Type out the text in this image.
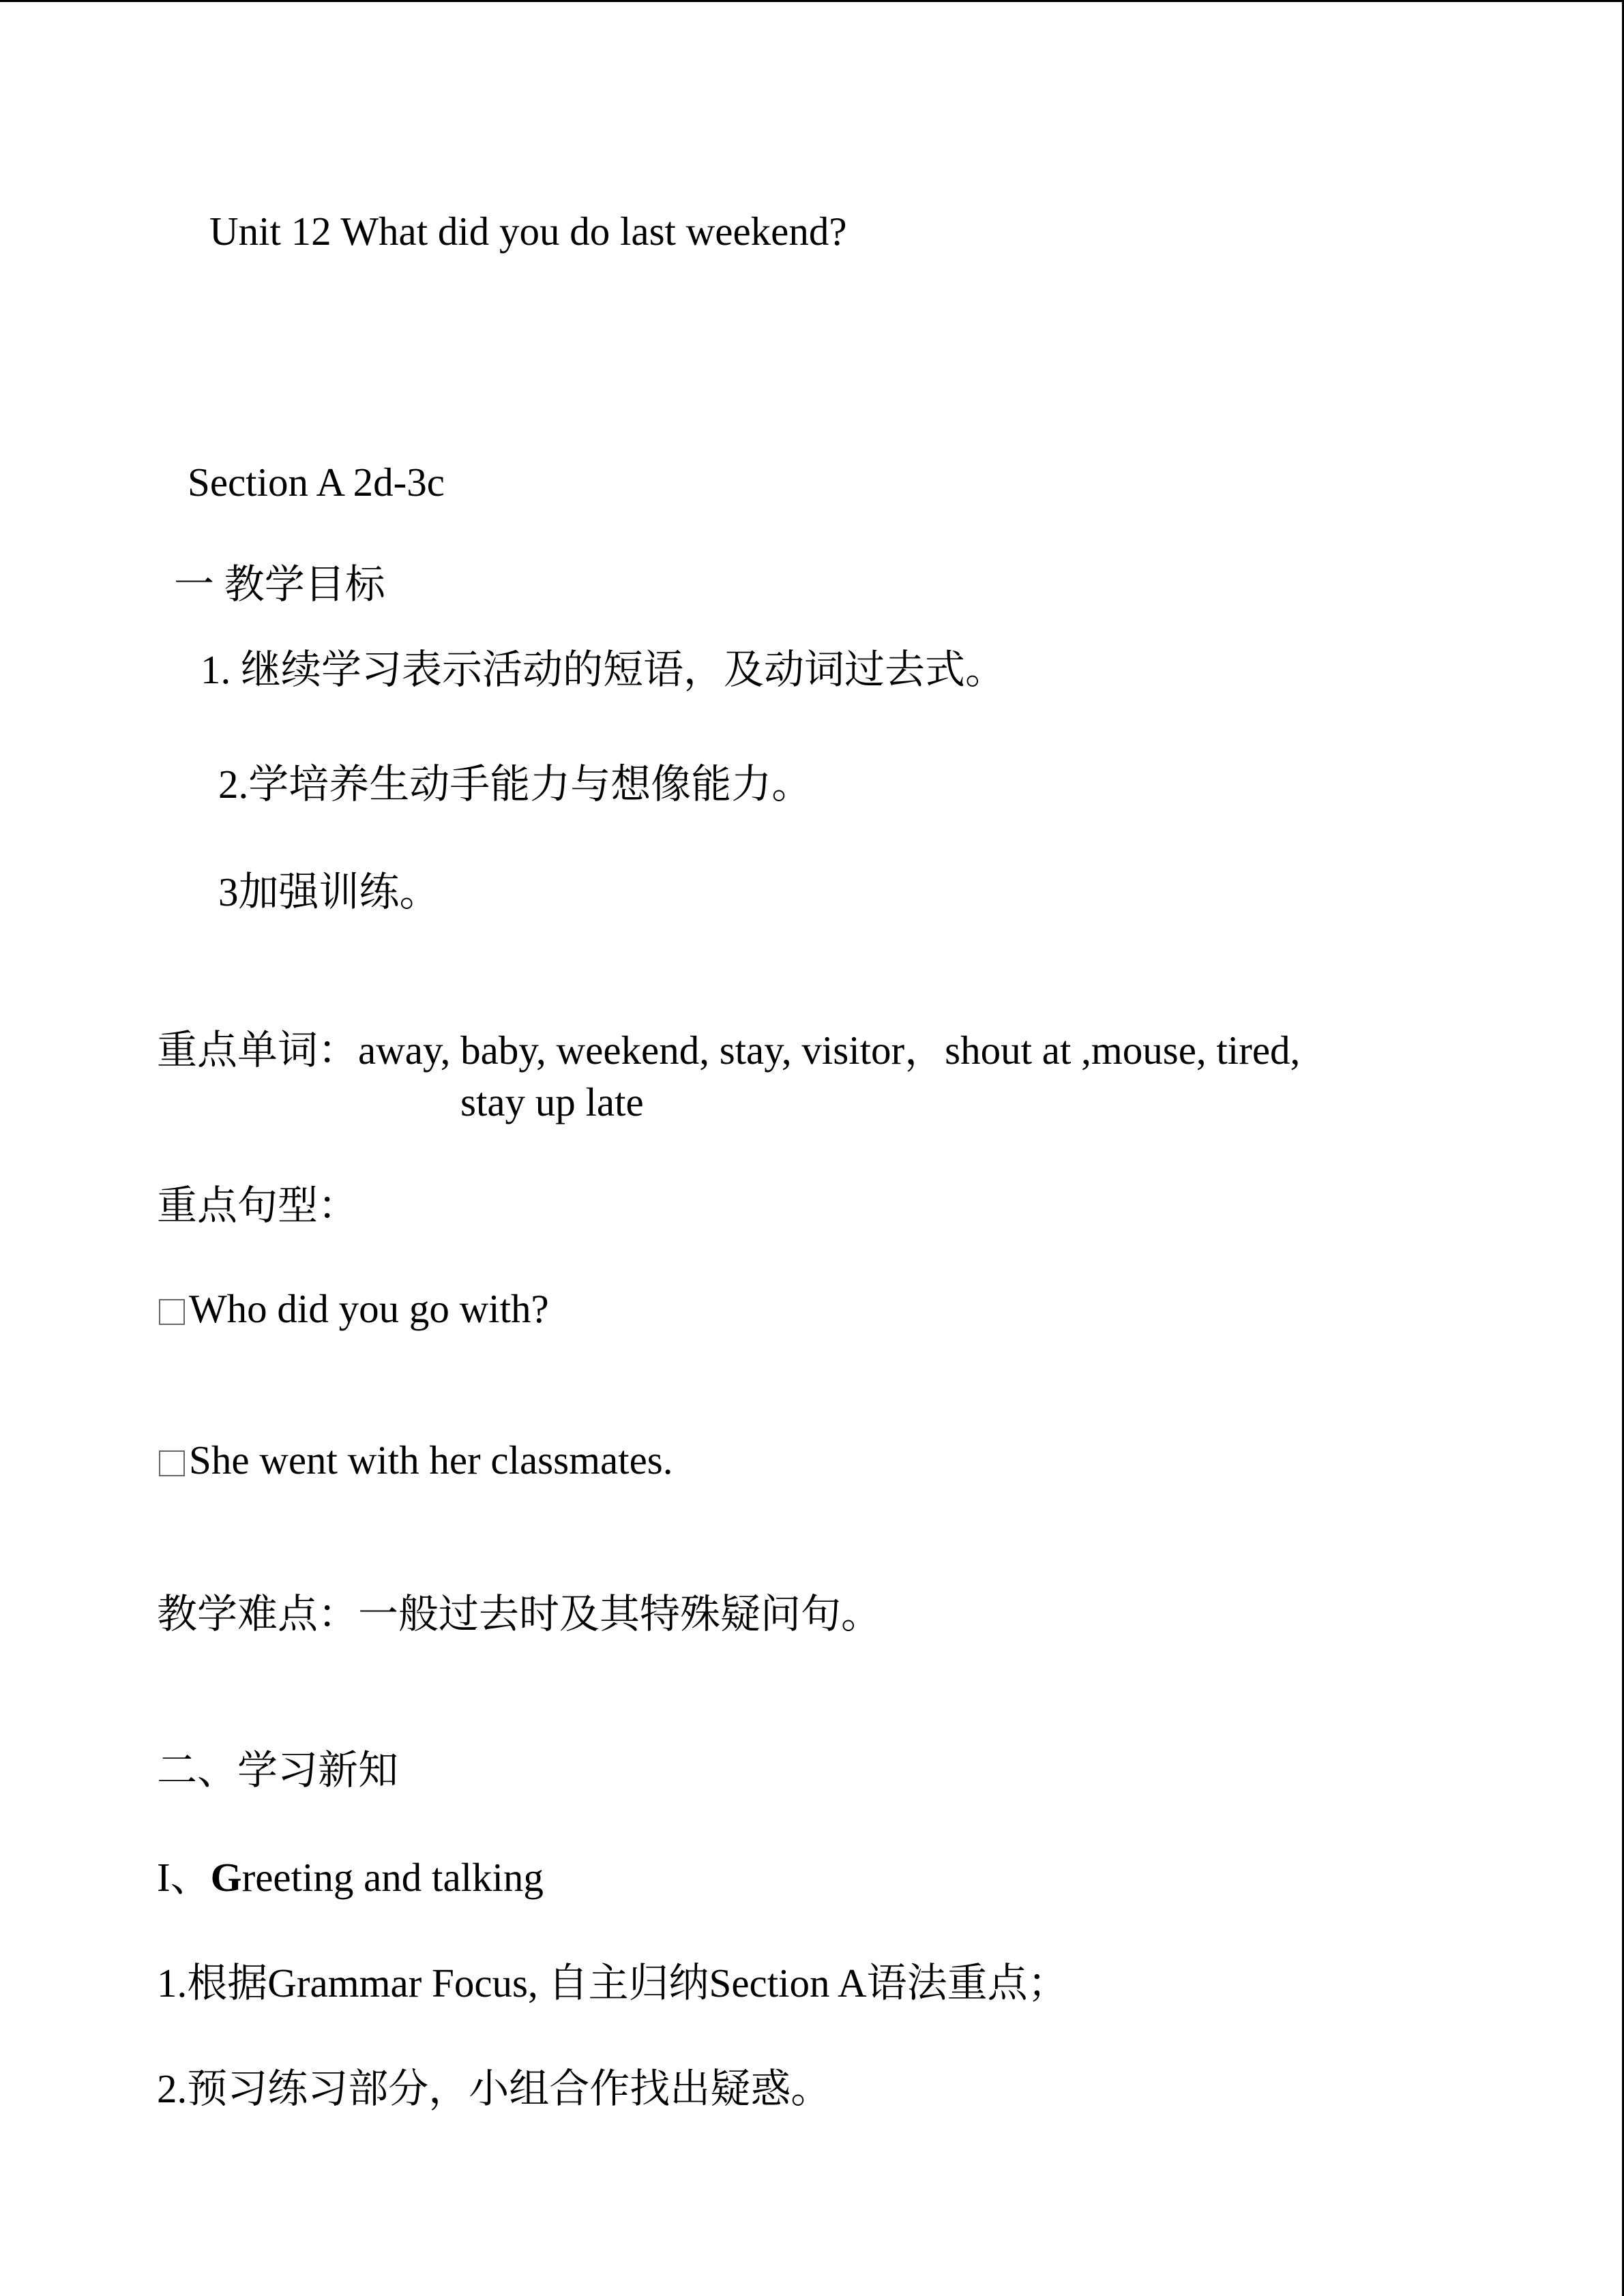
Unit 12 What did you do last weekend?
Section A 2d-3c
一 教学目标
1. 继续学习表示活动的短语，及动词过去式。
2.学培养生动手能力与想像能力。
3加强训练。
重点单词：away, baby, weekend, stay, visitor，shout at ,mouse, tired,
stay up late
重点句型：
Who did you go with?
She went with her classmates.
教学难点：一般过去时及其特殊疑问句。
二、学习新知
I、Greeting and talking
1.根据Grammar Focus, 自主归纳Section A语法重点；
2.预习练习部分，小组合作找出疑惑。
